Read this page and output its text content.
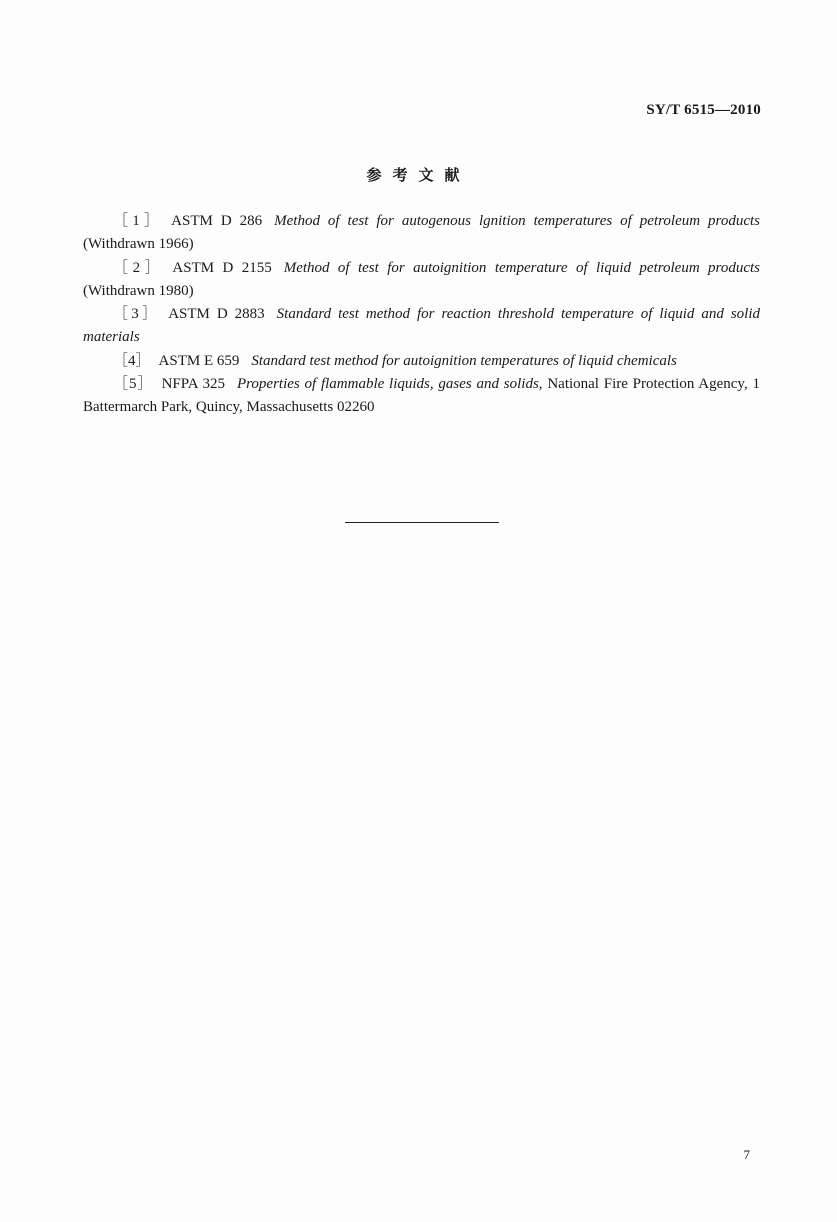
SY/T 6515—2010
参考文献

［1］ ASTM D 286 Method of test for autogenous lgnition temperatures of petroleum products (Withdrawn 1966)

［2］ ASTM D 2155 Method of test for autoignition temperature of liquid petroleum products (Withdrawn 1980)

［3］ ASTM D 2883 Standard test method for reaction threshold temperature of liquid and solid materials

［4］ ASTM E 659 Standard test method for autoignition temperatures of liquid chemicals

［5］ NFPA 325 Properties of flammable liquids, gases and solids, National Fire Protection Agency, 1 Battermarch Park, Quincy, Massachusetts 02260

7
